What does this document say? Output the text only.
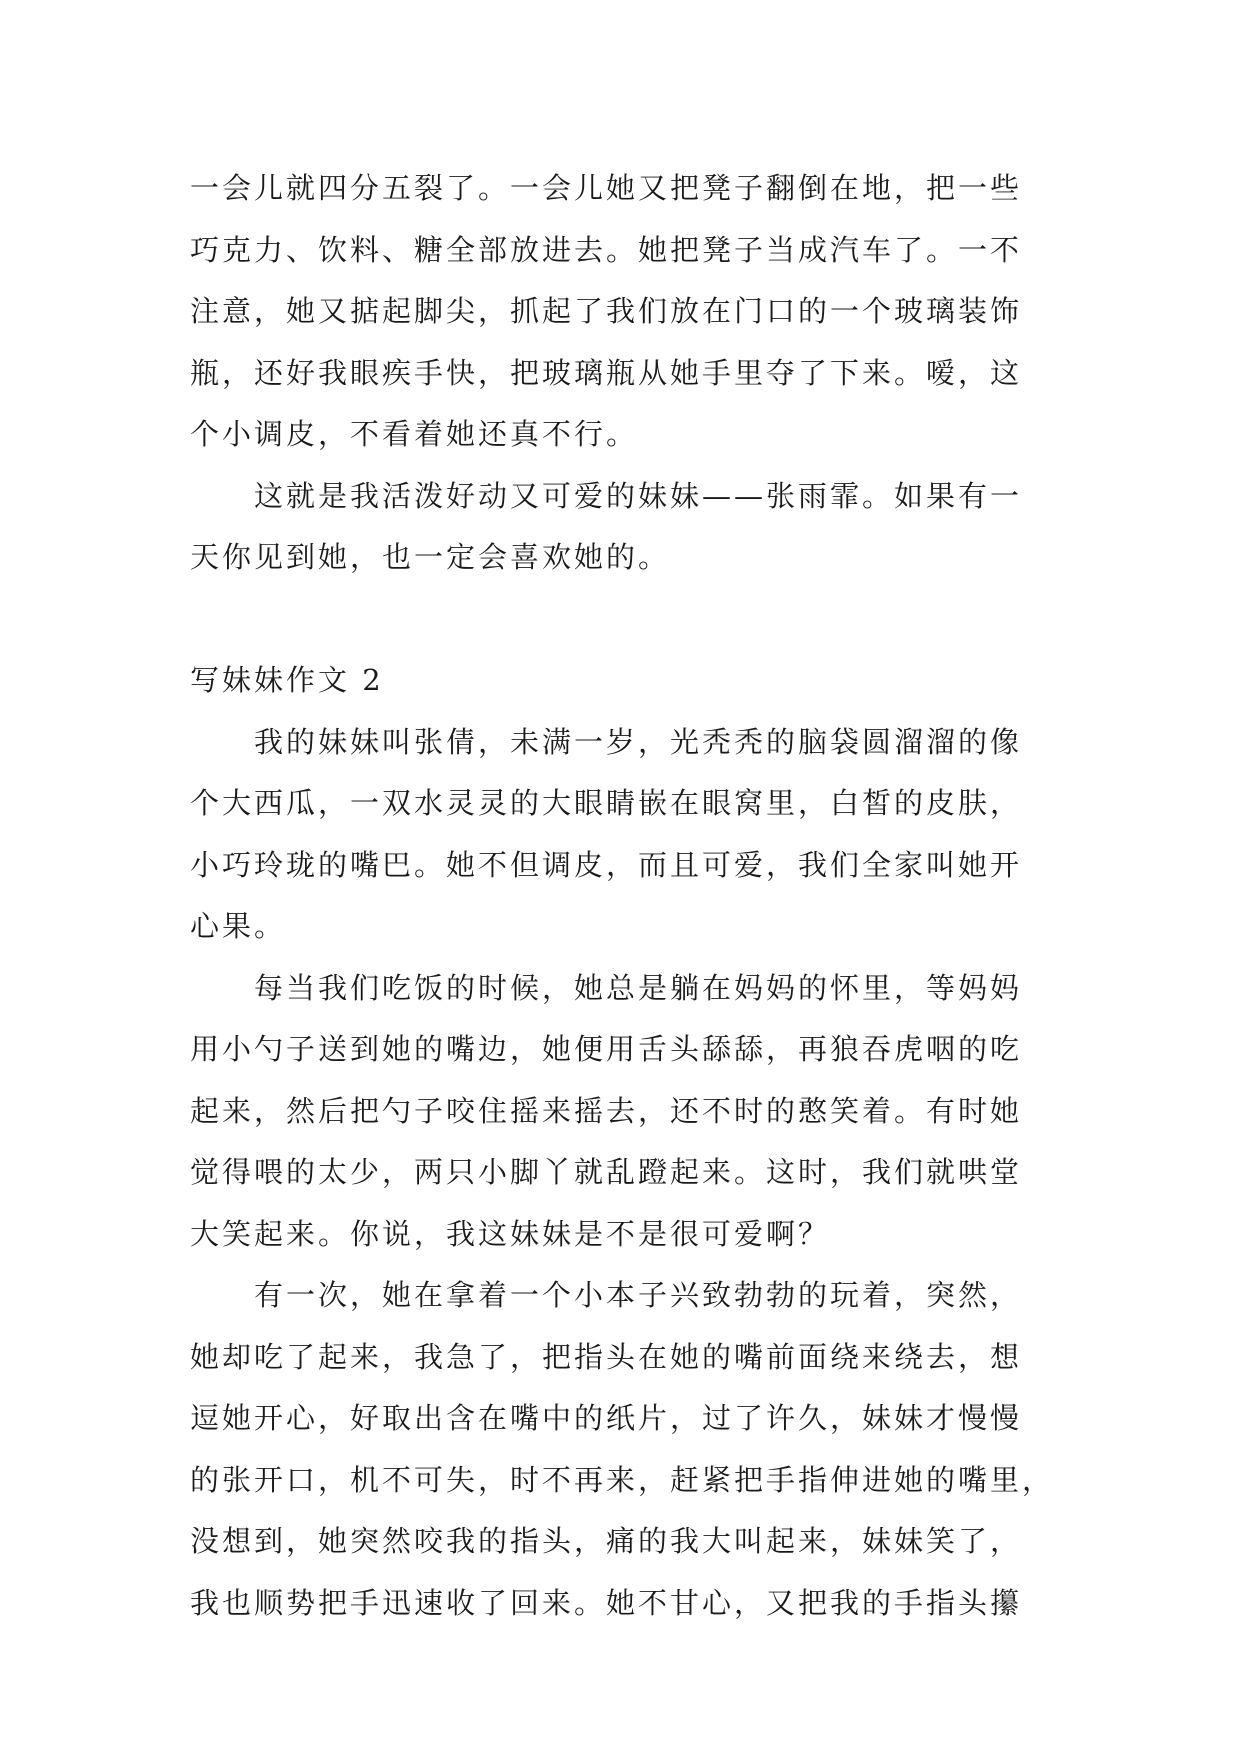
一会儿就四分五裂了。一会儿她又把凳子翻倒在地，把一些
巧克力、饮料、糖全部放进去。她把凳子当成汽车了。一不
注意，她又掂起脚尖，抓起了我们放在门口的一个玻璃装饰
瓶，还好我眼疾手快，把玻璃瓶从她手里夺了下来。嗳，这
个小调皮，不看着她还真不行。
这就是我活泼好动又可爱的妹妹——张雨霏。如果有一
天你见到她，也一定会喜欢她的。
写妹妹作文 2
我的妹妹叫张倩，未满一岁，光秃秃的脑袋圆溜溜的像
个大西瓜，一双水灵灵的大眼睛嵌在眼窝里，白皙的皮肤，
小巧玲珑的嘴巴。她不但调皮，而且可爱，我们全家叫她开
心果。
每当我们吃饭的时候，她总是躺在妈妈的怀里，等妈妈
用小勺子送到她的嘴边，她便用舌头舔舔，再狼吞虎咽的吃
起来，然后把勺子咬住摇来摇去，还不时的憨笑着。有时她
觉得喂的太少，两只小脚丫就乱蹬起来。这时，我们就哄堂
大笑起来。你说，我这妹妹是不是很可爱啊？
有一次，她在拿着一个小本子兴致勃勃的玩着，突然，
她却吃了起来，我急了，把指头在她的嘴前面绕来绕去，想
逗她开心，好取出含在嘴中的纸片，过了许久，妹妹才慢慢
的张开口，机不可失，时不再来，赶紧把手指伸进她的嘴里，
没想到，她突然咬我的指头，痛的我大叫起来，妹妹笑了，
我也顺势把手迅速收了回来。她不甘心，又把我的手指头攥
